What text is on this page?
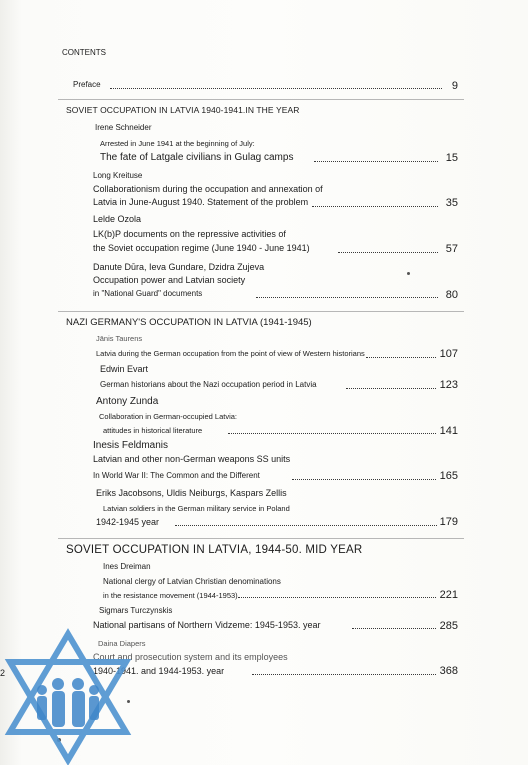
CONTENTS
Preface	9
SOVIET OCCUPATION IN LATVIA 1940-1941.IN THE YEAR
Irene Schneider
Arrested in June 1941 at the beginning of July:
The fate of Latgale civilians in Gulag camps	15
Long Kreituse
Collaborationism during the occupation and annexation of
Latvia in June-August 1940. Statement of the problem	35
Lelde Ozola
LK(b)P documents on the repressive activities of
the Soviet occupation regime (June 1940 - June 1941)	57
Danute Dūra, Ieva Gundare, Dzidra Zujeva
Occupation power and Latvian society
in "National Guard" documents	80
NAZI GERMANY'S OCCUPATION IN LATVIA (1941-1945)
Jānis Taurens
Latvia during the German occupation from the point of view of Western historians	107
Edwin Evart
German historians about the Nazi occupation period in Latvia	123
Antony Zunda
Collaboration in German-occupied Latvia:
attitudes in historical literature	141
Inesis Feldmanis
Latvian and other non-German weapons SS units
In World War II: The Common and the Different	165
Eriks Jacobsons, Uldis Neiburgs, Kaspars Zellis
Latvian soldiers in the German military service in Poland
1942-1945 year	179
SOVIET OCCUPATION IN LATVIA, 1944-50. MID YEAR
Ines Dreiman
National clergy of Latvian Christian denominations
in the resistance movement (1944-1953)	221
Sigmars Turczynskis
National partisans of Northern Vidzeme: 1945-1953. year	285
Daina Diapers
Court and prosecution system and its employees
1940-1941. and 1944-1953. year	368
2
